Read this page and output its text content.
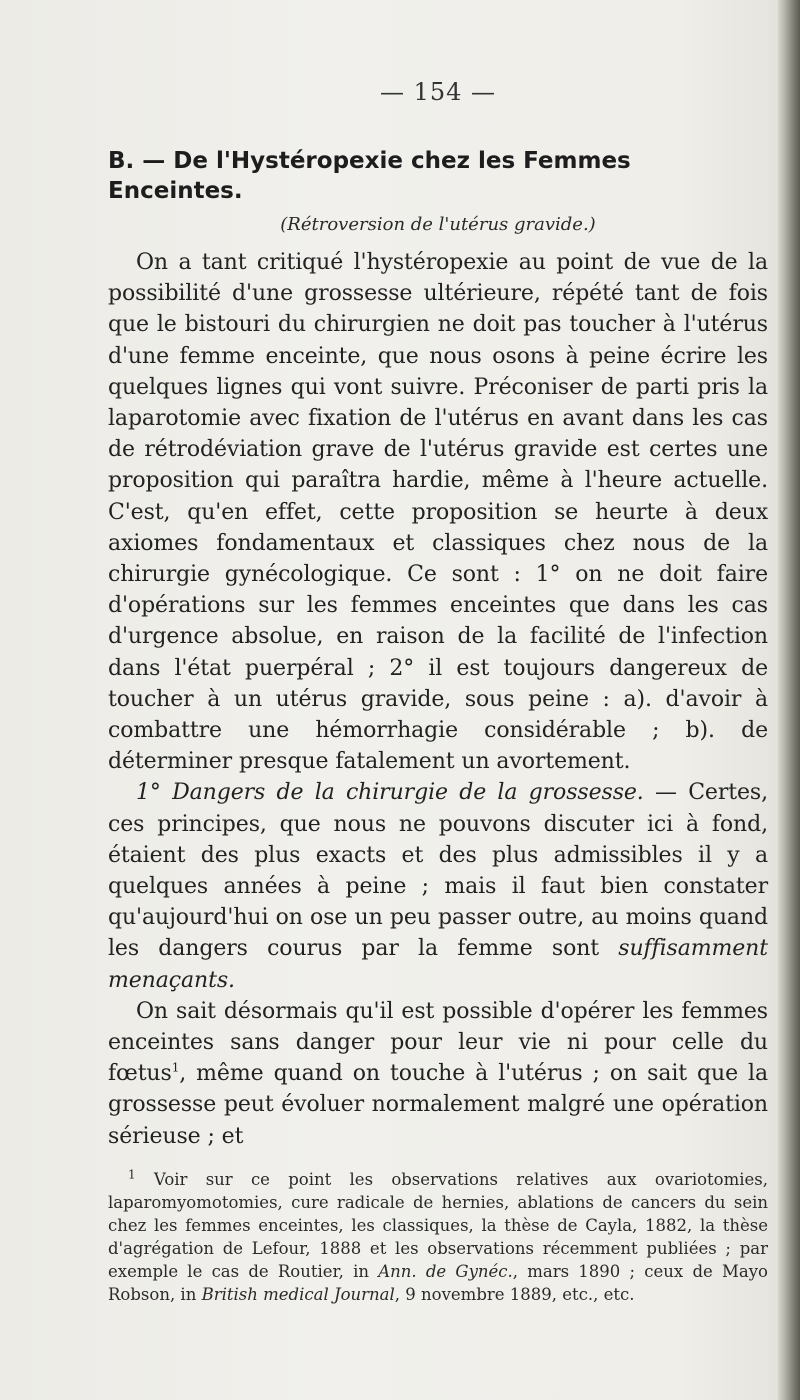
— 154 —
B. — De l'Hystéropexie chez les Femmes Enceintes.
(Rétroversion de l'utérus gravide.)

On a tant critiqué l'hystéropexie au point de vue de la possibilité d'une grossesse ultérieure, répété tant de fois que le bistouri du chirurgien ne doit pas toucher à l'utérus d'une femme enceinte, que nous osons à peine écrire les quelques lignes qui vont suivre. Préconiser de parti pris la laparotomie avec fixation de l'utérus en avant dans les cas de rétrodéviation grave de l'utérus gravide est certes une proposition qui paraîtra hardie, même à l'heure actuelle. C'est, qu'en effet, cette proposition se heurte à deux axiomes fondamentaux et classiques chez nous de la chirurgie gynécologique. Ce sont : 1° on ne doit faire d'opérations sur les femmes enceintes que dans les cas d'urgence absolue, en raison de la facilité de l'infection dans l'état puerpéral ; 2° il est toujours dangereux de toucher à un utérus gravide, sous peine : a). d'avoir à combattre une hémorrhagie considérable ; b). de déterminer presque fatalement un avortement.

1° Dangers de la chirurgie de la grossesse. — Certes, ces principes, que nous ne pouvons discuter ici à fond, étaient des plus exacts et des plus admissibles il y a quelques années à peine ; mais il faut bien constater qu'aujourd'hui on ose un peu passer outre, au moins quand les dangers courus par la femme sont suffisamment menaçants.

On sait désormais qu'il est possible d'opérer les femmes enceintes sans danger pour leur vie ni pour celle du fœtus$^1$, même quand on touche à l'utérus ; on sait que la grossesse peut évoluer normalement malgré une opération sérieuse ; et

$^1$ Voir sur ce point les observations relatives aux ovariotomies, laparomyomotomies, cure radicale de hernies, ablations de cancers du sein chez les femmes enceintes, les classiques, la thèse de Cayla, 1882, la thèse d'agrégation de Lefour, 1888 et les observations récemment publiées ; par exemple le cas de Routier, in Ann. de Gynéc., mars 1890 ; ceux de Mayo Robson, in British medical Journal, 9 novembre 1889, etc., etc.
